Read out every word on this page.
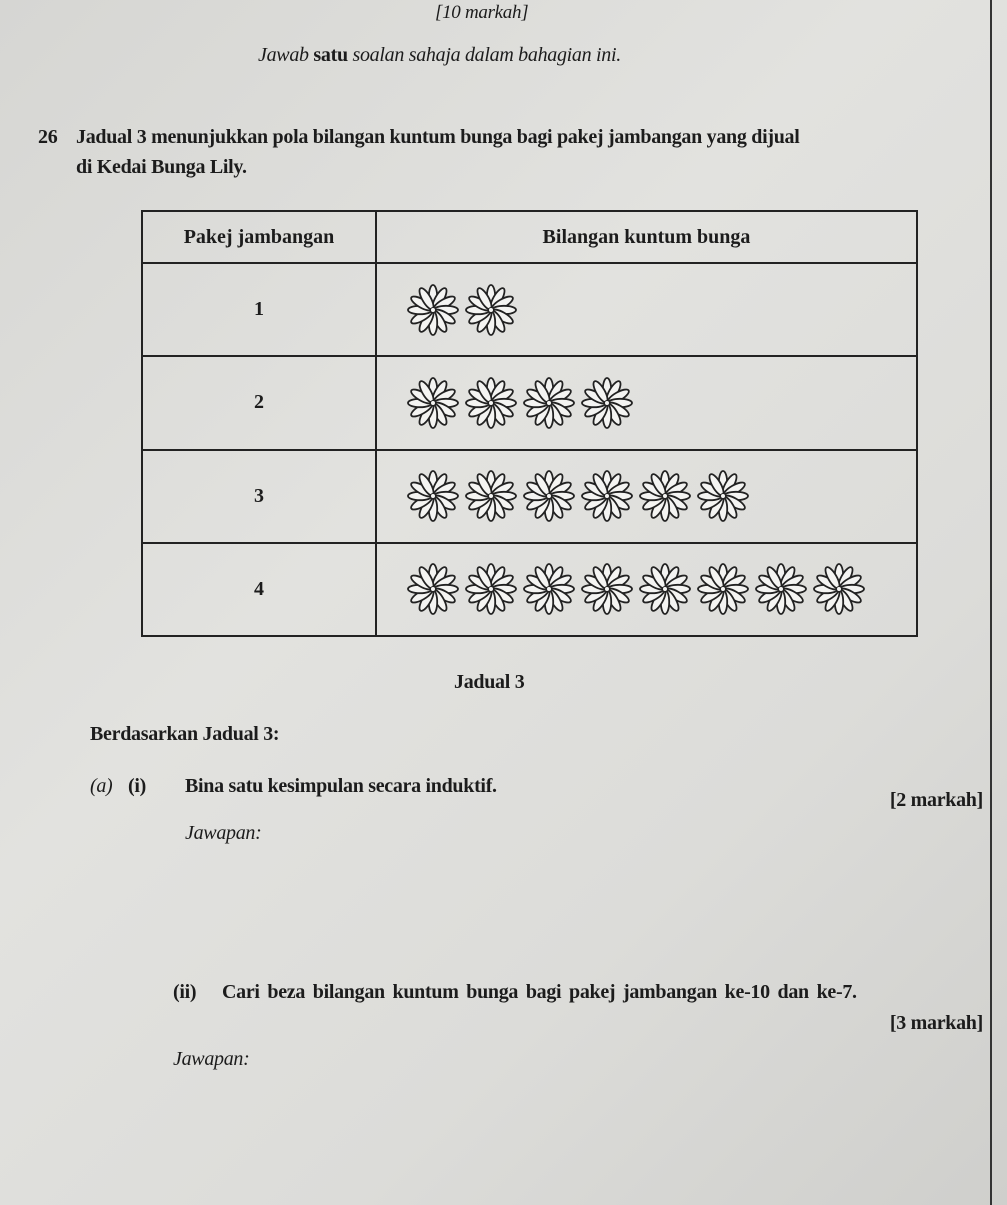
[10 markah]
Jawab satu soalan sahaja dalam bahagian ini.
26 Jadual 3 menunjukkan pola bilangan kuntum bunga bagi pakej jambangan yang dijual
di Kedai Bunga Lily.
Pakej jambangan	Bilangan kuntum bunga
1	
2	
3	
4	
Jadual 3
Berdasarkan Jadual 3:
(a) (i) Bina satu kesimpulan secara induktif.
[2 markah]
Jawapan:
(ii) Cari beza bilangan kuntum bunga bagi pakej jambangan ke-10 dan ke-7.
[3 markah]
Jawapan:
